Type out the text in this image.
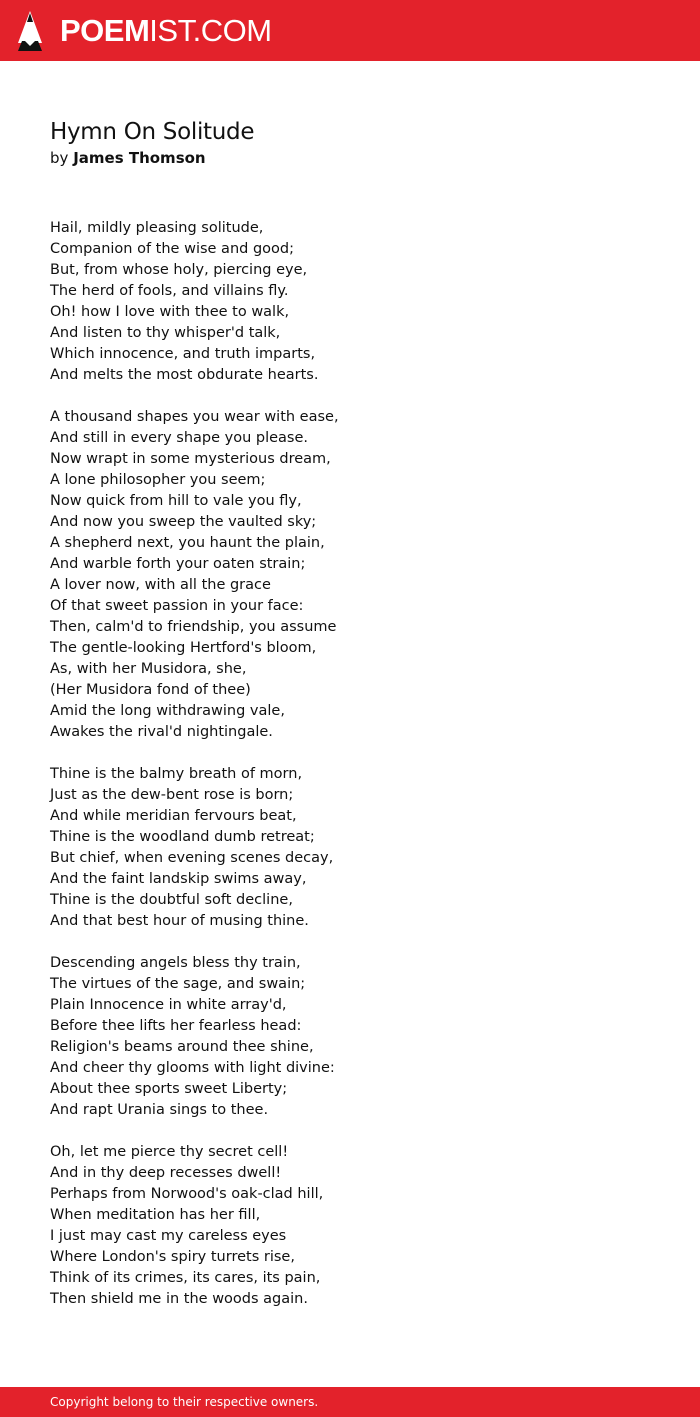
POEMIST.COM
Hymn On Solitude
by James Thomson
Hail, mildly pleasing solitude,
Companion of the wise and good;
But, from whose holy, piercing eye,
The herd of fools, and villains fly.
Oh! how I love with thee to walk,
And listen to thy whisper'd talk,
Which innocence, and truth imparts,
And melts the most obdurate hearts.
A thousand shapes you wear with ease,
And still in every shape you please.
Now wrapt in some mysterious dream,
A lone philosopher you seem;
Now quick from hill to vale you fly,
And now you sweep the vaulted sky;
A shepherd next, you haunt the plain,
And warble forth your oaten strain;
A lover now, with all the grace
Of that sweet passion in your face:
Then, calm'd to friendship, you assume
The gentle-looking Hertford's bloom,
As, with her Musidora, she,
(Her Musidora fond of thee)
Amid the long withdrawing vale,
Awakes the rival'd nightingale.
Thine is the balmy breath of morn,
Just as the dew-bent rose is born;
And while meridian fervours beat,
Thine is the woodland dumb retreat;
But chief, when evening scenes decay,
And the faint landskip swims away,
Thine is the doubtful soft decline,
And that best hour of musing thine.
Descending angels bless thy train,
The virtues of the sage, and swain;
Plain Innocence in white array'd,
Before thee lifts her fearless head:
Religion's beams around thee shine,
And cheer thy glooms with light divine:
About thee sports sweet Liberty;
And rapt Urania sings to thee.
Oh, let me pierce thy secret cell!
And in thy deep recesses dwell!
Perhaps from Norwood's oak-clad hill,
When meditation has her fill,
I just may cast my careless eyes
Where London's spiry turrets rise,
Think of its crimes, its cares, its pain,
Then shield me in the woods again.
Copyright belong to their respective owners.
